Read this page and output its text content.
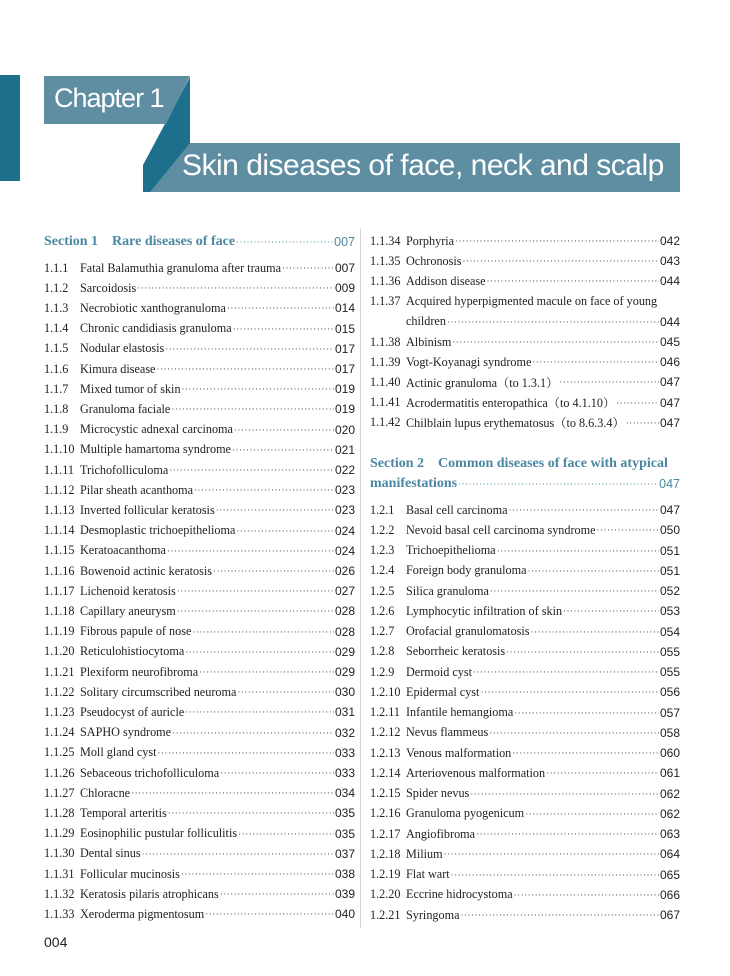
Chapter 1
Skin diseases of face, neck and scalp
Section 1 Rare diseases of face ·····	007
Section 2 Common diseases of face with atypical
manifestations ·····	047
1.1.1 Fatal Balamuthia granuloma after trauma ·····	007
1.1.2 Sarcoidosis ·····	009
1.1.3 Necrobiotic xanthogranuloma ·····	014
1.1.4 Chronic candidiasis granuloma ·····	015
1.1.5 Nodular elastosis ·····	017
1.1.6 Kimura disease ·····	017
1.1.7 Mixed tumor of skin ·····	019
1.1.8 Granuloma faciale ·····	019
1.1.9 Microcystic adnexal carcinoma ·····	020
1.1.10 Multiple hamartoma syndrome ·····	021
1.1.11 Trichofolliculoma ·····	022
1.1.12 Pilar sheath acanthoma ·····	023
1.1.13 Inverted follicular keratosis ·····	023
1.1.14 Desmoplastic trichoepithelioma ·····	024
1.1.15 Keratoacanthoma ·····	024
1.1.16 Bowenoid actinic keratosis ·····	026
1.1.17 Lichenoid keratosis ·····	027
1.1.18 Capillary aneurysm ·····	028
1.1.19 Fibrous papule of nose ·····	028
1.1.20 Reticulohistiocytoma ·····	029
1.1.21 Plexiform neurofibroma ·····	029
1.1.22 Solitary circumscribed neuroma ·····	030
1.1.23 Pseudocyst of auricle ·····	031
1.1.24 SAPHO syndrome ·····	032
1.1.25 Moll gland cyst ·····	033
1.1.26 Sebaceous trichofolliculoma ·····	033
1.1.27 Chloracne ·····	034
1.1.28 Temporal arteritis ·····	035
1.1.29 Eosinophilic pustular folliculitis ·····	035
1.1.30 Dental sinus ·····	037
1.1.31 Follicular mucinosis ·····	038
1.1.32 Keratosis pilaris atrophicans ·····	039
1.1.33 Xeroderma pigmentosum ·····	040
1.1.34 Porphyria ·····	042
1.1.35 Ochronosis ·····	043
1.1.36 Addison disease ·····	044
1.1.37 Acquired hyperpigmented macule on face of young
children ·····	044
1.1.38 Albinism ·····	045
1.1.39 Vogt-Koyanagi syndrome ·····	046
1.1.40 Actinic granuloma（to 1.3.1） ·····	047
1.1.41 Acrodermatitis enteropathica（to 4.1.10） ·····	047
1.1.42 Chilblain lupus erythematosus（to 8.6.3.4） ·····	047
1.2.1 Basal cell carcinoma ·····	047
1.2.2 Nevoid basal cell carcinoma syndrome ·····	050
1.2.3 Trichoepithelioma ·····	051
1.2.4 Foreign body granuloma ·····	051
1.2.5 Silica granuloma ·····	052
1.2.6 Lymphocytic infiltration of skin ·····	053
1.2.7 Orofacial granulomatosis ·····	054
1.2.8 Seborrheic keratosis ·····	055
1.2.9 Dermoid cyst ·····	055
1.2.10 Epidermal cyst ·····	056
1.2.11 Infantile hemangioma ·····	057
1.2.12 Nevus flammeus ·····	058
1.2.13 Venous malformation ·····	060
1.2.14 Arteriovenous malformation ·····	061
1.2.15 Spider nevus ·····	062
1.2.16 Granuloma pyogenicum ·····	062
1.2.17 Angiofibroma ·····	063
1.2.18 Milium ·····	064
1.2.19 Flat wart ·····	065
1.2.20 Eccrine hidrocystoma ·····	066
1.2.21 Syringoma ·····	067
004
